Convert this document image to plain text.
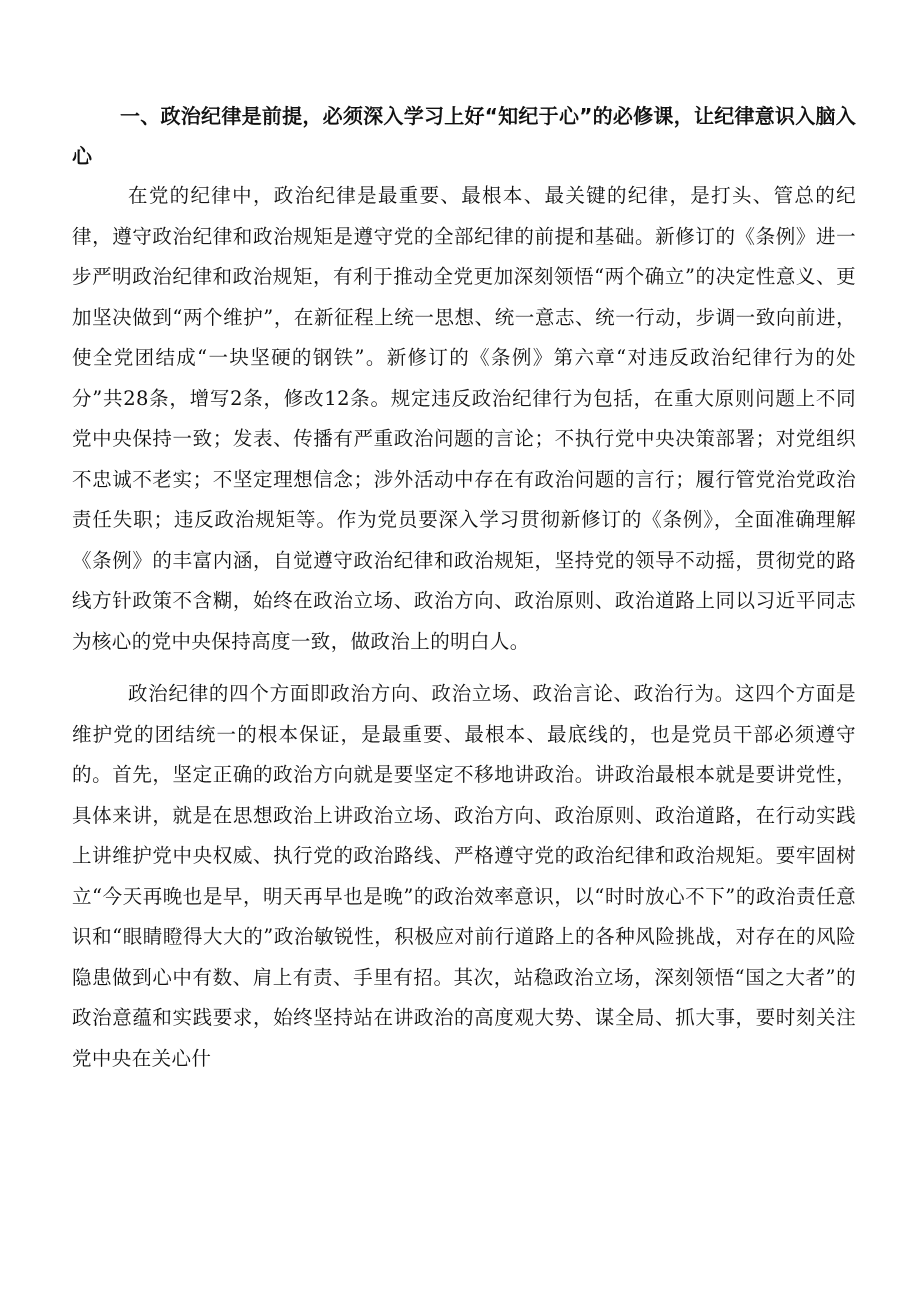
一、政治纪律是前提，必须深入学习上好“知纪于心”的必修课，让纪律意识入脑入心

在党的纪律中，政治纪律是最重要、最根本、最关键的纪律，是打头、管总的纪律，遵守政治纪律和政治规矩是遵守党的全部纪律的前提和基础。新修订的《条例》进一步严明政治纪律和政治规矩，有利于推动全党更加深刻领悟“两个确立”的决定性意义、更加坚决做到“两个维护”，在新征程上统一思想、统一意志、统一行动，步调一致向前进，使全党团结成“一块坚硬的钢铁”。新修订的《条例》第六章“对违反政治纪律行为的处分”共28条，增写2条，修改12条。规定违反政治纪律行为包括，在重大原则问题上不同党中央保持一致；发表、传播有严重政治问题的言论；不执行党中央决策部署；对党组织不忠诚不老实；不坚定理想信念；涉外活动中存在有政治问题的言行；履行管党治党政治责任失职；违反政治规矩等。作为党员要深入学习贯彻新修订的《条例》，全面准确理解《条例》的丰富内涵，自觉遵守政治纪律和政治规矩，坚持党的领导不动摇，贯彻党的路线方针政策不含糊，始终在政治立场、政治方向、政治原则、政治道路上同以习近平同志为核心的党中央保持高度一致，做政治上的明白人。

政治纪律的四个方面即政治方向、政治立场、政治言论、政治行为。这四个方面是维护党的团结统一的根本保证，是最重要、最根本、最底线的，也是党员干部必须遵守的。首先，坚定正确的政治方向就是要坚定不移地讲政治。讲政治最根本就是要讲党性，具体来讲，就是在思想政治上讲政治立场、政治方向、政治原则、政治道路，在行动实践上讲维护党中央权威、执行党的政治路线、严格遵守党的政治纪律和政治规矩。要牢固树立“今天再晚也是早，明天再早也是晚”的政治效率意识，以“时时放心不下”的政治责任意识和“眼睛瞪得大大的”政治敏锐性，积极应对前行道路上的各种风险挑战，对存在的风险隐患做到心中有数、肩上有责、手里有招。其次，站稳政治立场，深刻领悟“国之大者”的政治意蕴和实践要求，始终坚持站在讲政治的高度观大势、谋全局、抓大事，要时刻关注党中央在关心什
